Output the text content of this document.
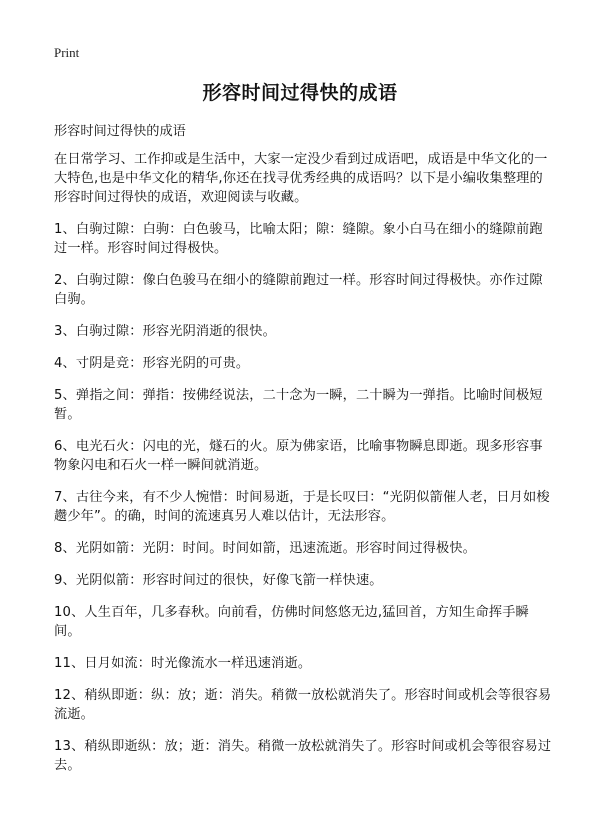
Print
形容时间过得快的成语

形容时间过得快的成语

在日常学习、工作抑或是生活中，大家一定没少看到过成语吧，成语是中华文化的一大特色,也是中华文化的精华,你还在找寻优秀经典的成语吗？以下是小编收集整理的形容时间过得快的成语，欢迎阅读与收藏。

1、白驹过隙：白驹：白色骏马，比喻太阳；隙：缝隙。象小白马在细小的缝隙前跑过一样。形容时间过得极快。

2、白驹过隙：像白色骏马在细小的缝隙前跑过一样。形容时间过得极快。亦作过隙白驹。

3、白驹过隙：形容光阴消逝的很快。

4、寸阴是竞：形容光阴的可贵。

5、弹指之间：弹指：按佛经说法，二十念为一瞬，二十瞬为一弹指。比喻时间极短暂。

6、电光石火：闪电的光，燧石的火。原为佛家语，比喻事物瞬息即逝。现多形容事物象闪电和石火一样一瞬间就消逝。

7、古往今来，有不少人惋惜：时间易逝，于是长叹曰：“光阴似箭催人老，日月如梭趱少年”。的确，时间的流速真另人难以估计，无法形容。

8、光阴如箭：光阴：时间。时间如箭，迅速流逝。形容时间过得极快。

9、光阴似箭：形容时间过的很快，好像飞箭一样快速。

10、人生百年，几多春秋。向前看，仿佛时间悠悠无边,猛回首，方知生命挥手瞬间。

11、日月如流：时光像流水一样迅速消逝。

12、稍纵即逝：纵：放；逝：消失。稍微一放松就消失了。形容时间或机会等很容易流逝。

13、稍纵即逝纵：放；逝：消失。稍微一放松就消失了。形容时间或机会等很容易过去。
